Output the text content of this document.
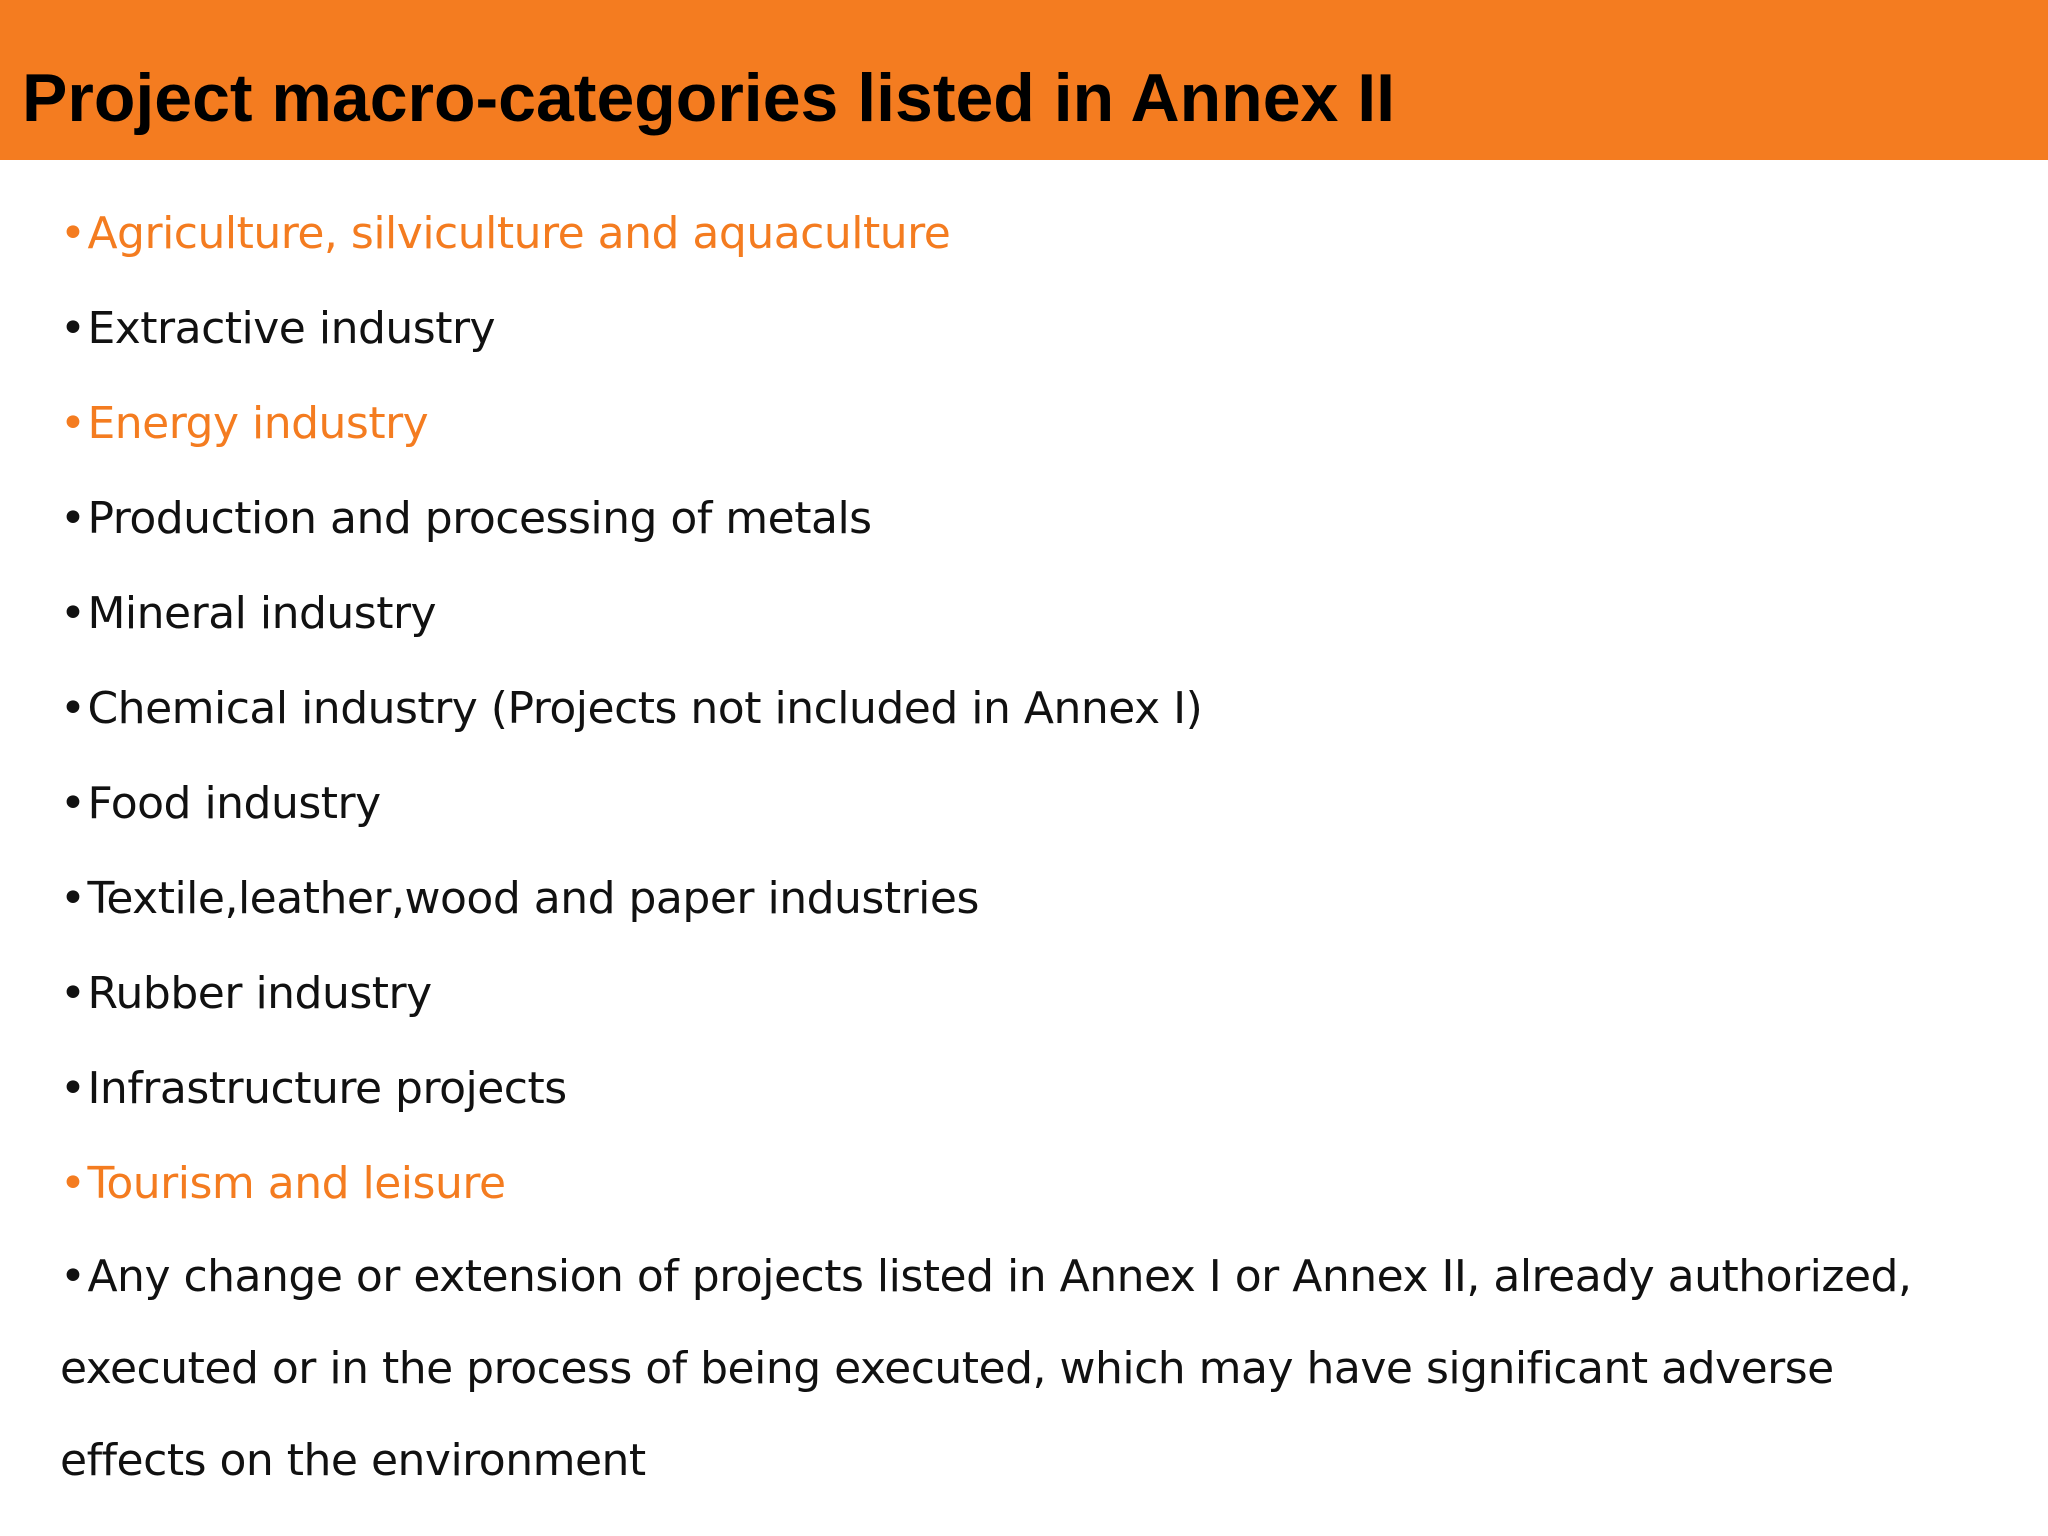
Project macro-categories listed in Annex II
•Agriculture, silviculture and aquaculture
•Extractive industry
•Energy industry
•Production and processing of metals
•Mineral industry
•Chemical industry (Projects not included in Annex I)
•Food industry
•Textile,leather,wood and paper industries
•Rubber industry
•Infrastructure projects
•Tourism and leisure
•Any change or extension of projects listed in Annex I or Annex II, already authorized, executed or in the process of being executed, which may have significant adverse effects on the environment
